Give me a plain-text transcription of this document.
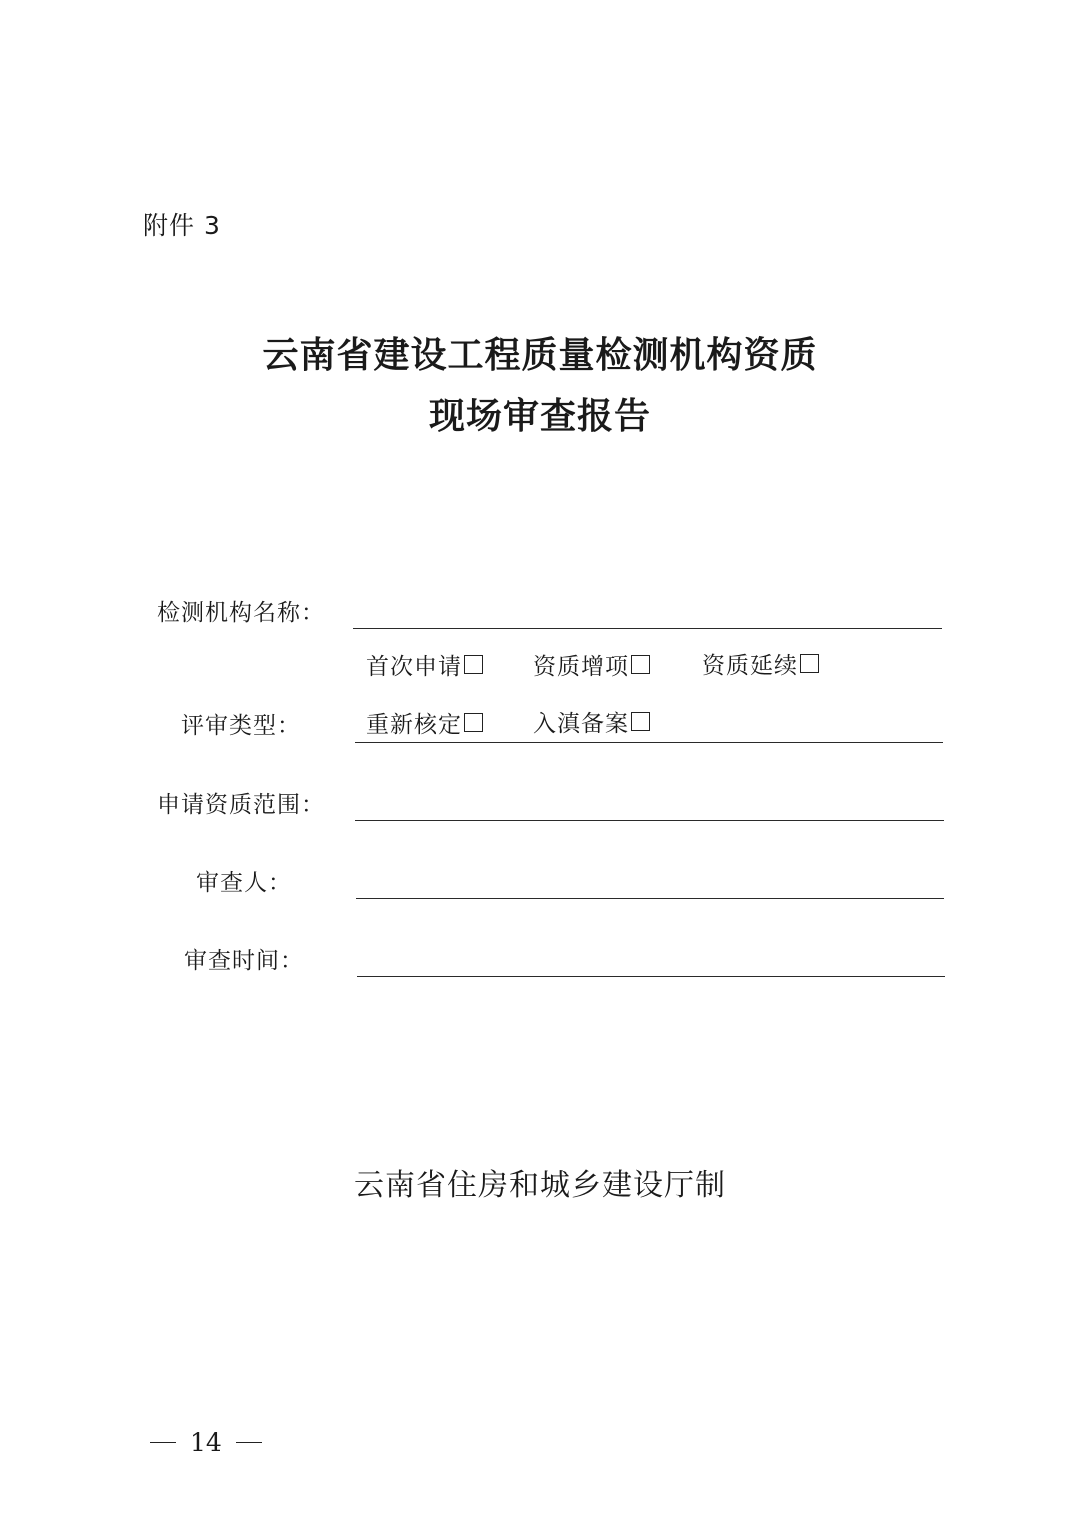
附件 3
云南省建设工程质量检测机构资质
现场审查报告
检测机构名称：
首次申请	资质增项	资质延续
评审类型：	重新核定	入滇备案
申请资质范围：
审查人：
审查时间：
云南省住房和城乡建设厅制
14
